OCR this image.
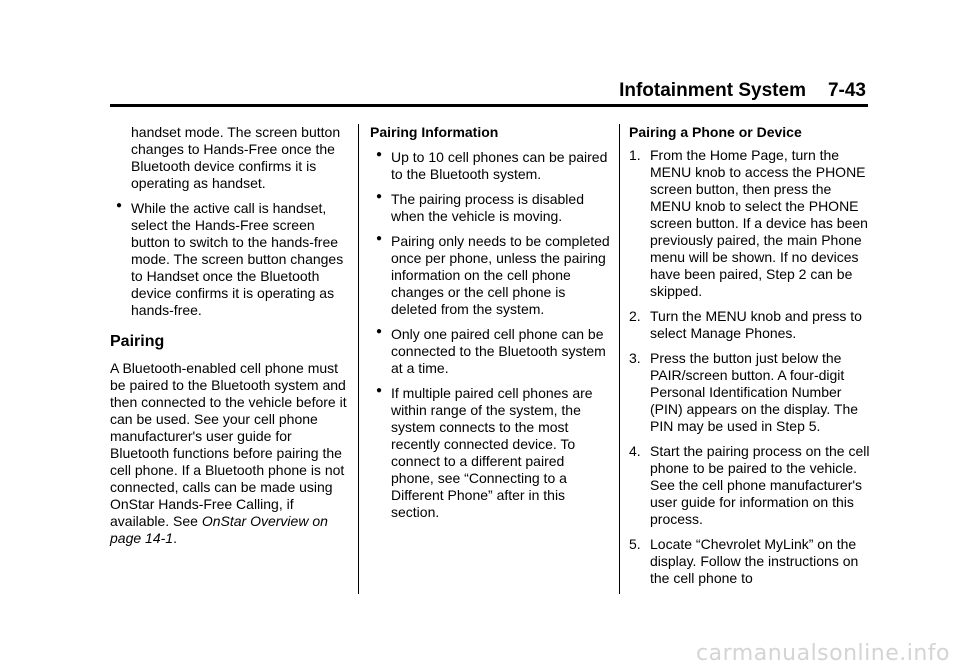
Infotainment System 7-43

handset mode. The screen button changes to Hands-Free once the Bluetooth device confirms it is operating as handset.

● While the active call is handset, select the Hands-Free screen button to switch to the hands-free mode. The screen button changes to Handset once the Bluetooth device confirms it is operating as hands-free.
Pairing

A Bluetooth-enabled cell phone must be paired to the Bluetooth system and then connected to the vehicle before it can be used. See your cell phone manufacturer's user guide for Bluetooth functions before pairing the cell phone. If a Bluetooth phone is not connected, calls can be made using OnStar Hands-Free Calling, if available. See OnStar Overview on page 14-1.

Pairing Information

● Up to 10 cell phones can be paired to the Bluetooth system.
● The pairing process is disabled when the vehicle is moving.
● Pairing only needs to be completed once per phone, unless the pairing information on the cell phone changes or the cell phone is deleted from the system.
● Only one paired cell phone can be connected to the Bluetooth system at a time.
● If multiple paired cell phones are within range of the system, the system connects to the most recently connected device. To connect to a different paired phone, see “Connecting to a Different Phone” after in this section.

Pairing a Phone or Device

1. From the Home Page, turn the MENU knob to access the PHONE screen button, then press the MENU knob to select the PHONE screen button. If a device has been previously paired, the main Phone menu will be shown. If no devices have been paired, Step 2 can be skipped.
2. Turn the MENU knob and press to select Manage Phones.
3. Press the button just below the PAIR/screen button. A four-digit Personal Identification Number (PIN) appears on the display. The PIN may be used in Step 5.
4. Start the pairing process on the cell phone to be paired to the vehicle. See the cell phone manufacturer's user guide for information on this process.
5. Locate “Chevrolet MyLink” on the display. Follow the instructions on the cell phone to
carmanualsonline.info
